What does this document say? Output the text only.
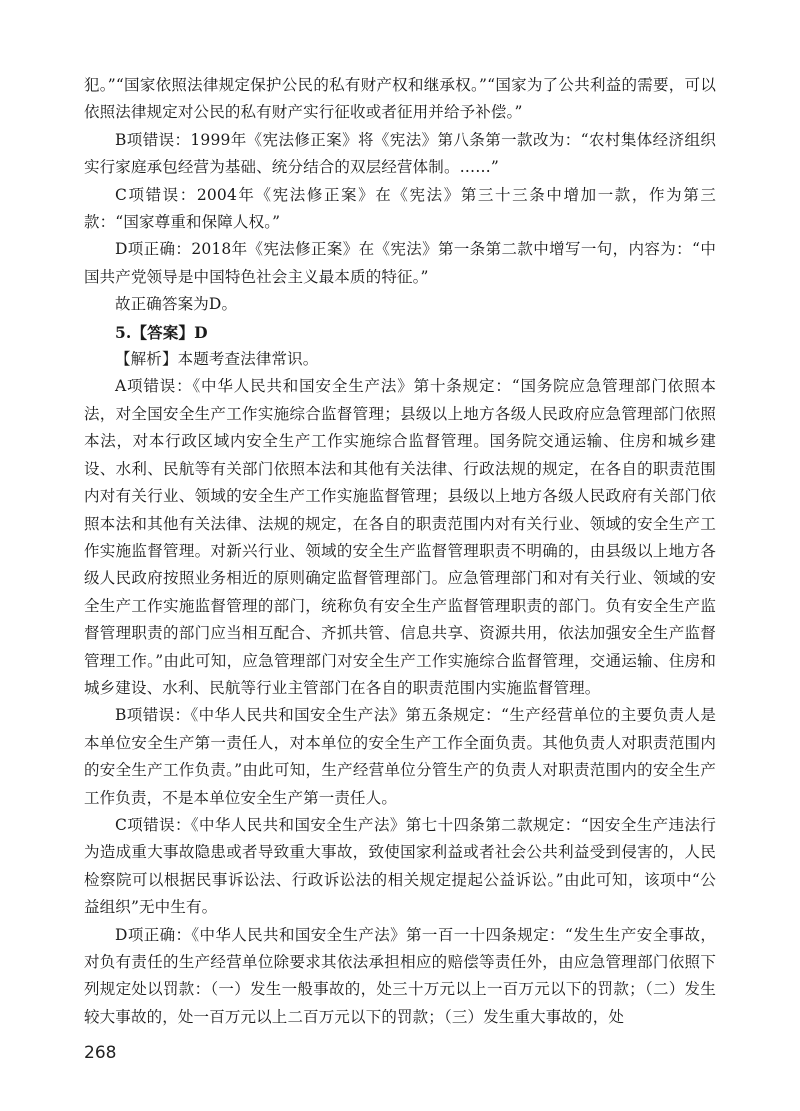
犯。”“国家依照法律规定保护公民的私有财产权和继承权。”“国家为了公共利益的需要，可以依照法律规定对公民的私有财产实行征收或者征用并给予补偿。”

B项错误：1999年《宪法修正案》将《宪法》第八条第一款改为：“农村集体经济组织实行家庭承包经营为基础、统分结合的双层经营体制。……”

C项错误：2004年《宪法修正案》在《宪法》第三十三条中增加一款，作为第三款：“国家尊重和保障人权。”

D项正确：2018年《宪法修正案》在《宪法》第一条第二款中增写一句，内容为：“中国共产党领导是中国特色社会主义最本质的特征。”

故正确答案为D。

5.【答案】D

【解析】本题考查法律常识。

A项错误：《中华人民共和国安全生产法》第十条规定：“国务院应急管理部门依照本法，对全国安全生产工作实施综合监督管理；县级以上地方各级人民政府应急管理部门依照本法，对本行政区域内安全生产工作实施综合监督管理。国务院交通运输、住房和城乡建设、水利、民航等有关部门依照本法和其他有关法律、行政法规的规定，在各自的职责范围内对有关行业、领域的安全生产工作实施监督管理；县级以上地方各级人民政府有关部门依照本法和其他有关法律、法规的规定，在各自的职责范围内对有关行业、领域的安全生产工作实施监督管理。对新兴行业、领域的安全生产监督管理职责不明确的，由县级以上地方各级人民政府按照业务相近的原则确定监督管理部门。应急管理部门和对有关行业、领域的安全生产工作实施监督管理的部门，统称负有安全生产监督管理职责的部门。负有安全生产监督管理职责的部门应当相互配合、齐抓共管、信息共享、资源共用，依法加强安全生产监督管理工作。”由此可知，应急管理部门对安全生产工作实施综合监督管理，交通运输、住房和城乡建设、水利、民航等行业主管部门在各自的职责范围内实施监督管理。

B项错误：《中华人民共和国安全生产法》第五条规定：“生产经营单位的主要负责人是本单位安全生产第一责任人，对本单位的安全生产工作全面负责。其他负责人对职责范围内的安全生产工作负责。”由此可知，生产经营单位分管生产的负责人对职责范围内的安全生产工作负责，不是本单位安全生产第一责任人。

C项错误：《中华人民共和国安全生产法》第七十四条第二款规定：“因安全生产违法行为造成重大事故隐患或者导致重大事故，致使国家利益或者社会公共利益受到侵害的，人民检察院可以根据民事诉讼法、行政诉讼法的相关规定提起公益诉讼。”由此可知，该项中“公益组织”无中生有。

D项正确：《中华人民共和国安全生产法》第一百一十四条规定：“发生生产安全事故，对负有责任的生产经营单位除要求其依法承担相应的赔偿等责任外，由应急管理部门依照下列规定处以罚款：（一）发生一般事故的，处三十万元以上一百万元以下的罚款；（二）发生较大事故的，处一百万元以上二百万元以下的罚款；（三）发生重大事故的，处

268
